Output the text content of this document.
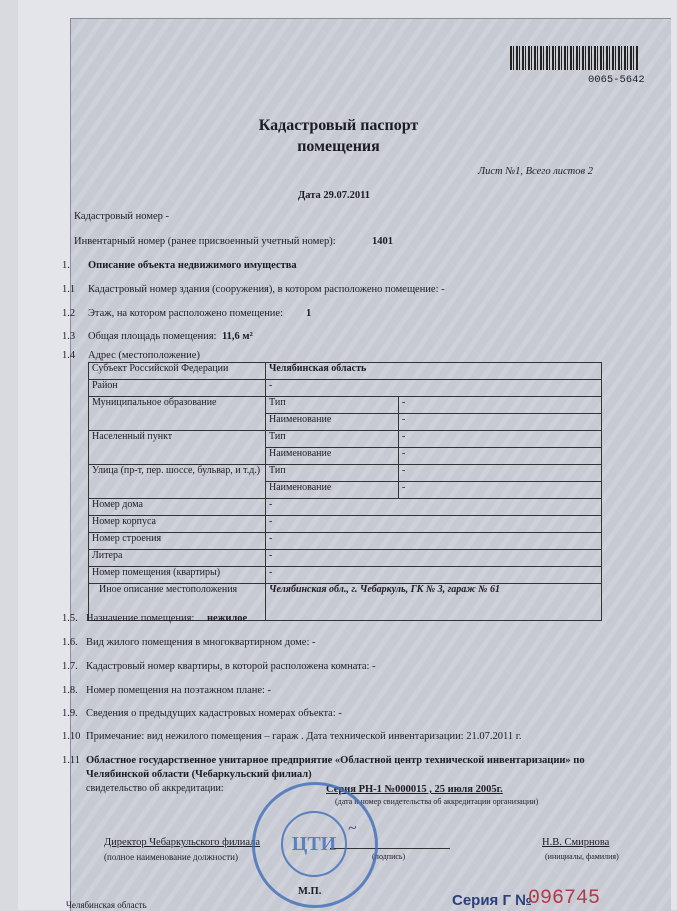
0065-5642
Кадастровый паспорт
помещения
Лист №1, Всего листов 2
Дата 29.07.2011
Кадастровый номер -
Инвентарный номер (ранее присвоенный учетный номер):	1401
1. Описание объекта недвижимого имущества
1.1 Кадастровый номер здания (сооружения), в котором расположено помещение: -
1.2 Этаж, на котором расположено помещение: 1
1.3 Общая площадь помещения: 11,6 м²
1.4 Адрес (местоположение)
Субъект Российской Федерации	Челябинская область	
Район	-	
Муниципальное образование	Тип	-
	Наименование	-
Населенный пункт	Тип	-
	Наименование	-
Улица (пр-т, пер. шоссе, бульвар, и т.д.)	Тип	-
	Наименование	-
Номер дома	-	
Номер корпуса	-	
Номер строения	-	
Литера	-	
Номер помещения (квартиры)	-	
Иное описание местоположения	Челябинская обл., г. Чебаркуль, ГК № 3, гараж № 61	
1.5. Назначение помещения: нежилое
1.6. Вид жилого помещения в многоквартирном доме: -
1.7. Кадастровый номер квартиры, в которой расположена комната: -
1.8. Номер помещения на поэтажном плане: -
1.9. Сведения о предыдущих кадастровых номерах объекта: -
1.10 Примечание: вид нежилого помещения – гараж . Дата технической инвентаризации: 21.07.2011 г.
1.11 Областное государственное унитарное предприятие «Областной центр технической инвентаризации» по
Челябинской области (Чебаркульский филиал)
свидетельство об аккредитации:	Серия РН-1 №000015 , 25 июля 2005г.
(дата и номер свидетельства об аккредитации организации)
Директор Чебаркульского филиала
(полное наименование должности)
~
(подпись)
Н.В. Смирнова
(инициалы, фамилия)
ЦТИ
М.П.
Челябинская область	Серия Г №
096745
